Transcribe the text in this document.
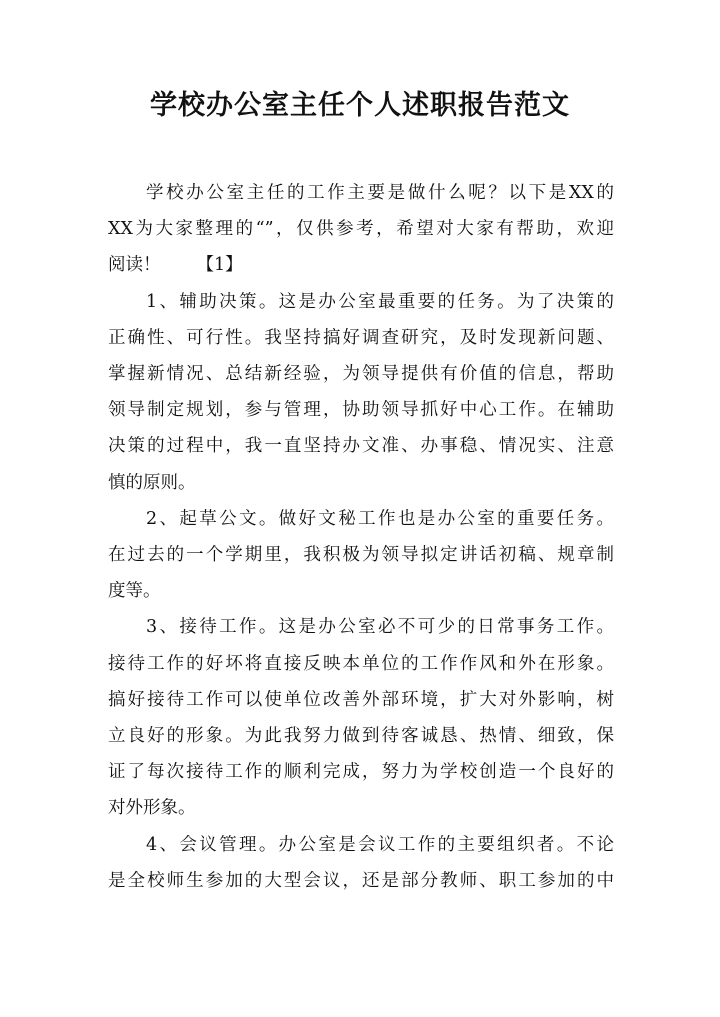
学校办公室主任个人述职报告范文

学校办公室主任的工作主要是做什么呢？以下是XX的
XX为大家整理的“”，仅供参考，希望对大家有帮助，欢迎
阅读！ 【1】

1、辅助决策。这是办公室最重要的任务。为了决策的
正确性、可行性。我坚持搞好调查研究，及时发现新问题、
掌握新情况、总结新经验，为领导提供有价值的信息，帮助
领导制定规划，参与管理，协助领导抓好中心工作。在辅助
决策的过程中，我一直坚持办文准、办事稳、情况实、注意
慎的原则。

2、起草公文。做好文秘工作也是办公室的重要任务。
在过去的一个学期里，我积极为领导拟定讲话初稿、规章制
度等。

3、接待工作。这是办公室必不可少的日常事务工作。
接待工作的好坏将直接反映本单位的工作作风和外在形象。
搞好接待工作可以使单位改善外部环境，扩大对外影响，树
立良好的形象。为此我努力做到待客诚恳、热情、细致，保
证了每次接待工作的顺利完成，努力为学校创造一个良好的
对外形象。

4、会议管理。办公室是会议工作的主要组织者。不论
是全校师生参加的大型会议，还是部分教师、职工参加的中
